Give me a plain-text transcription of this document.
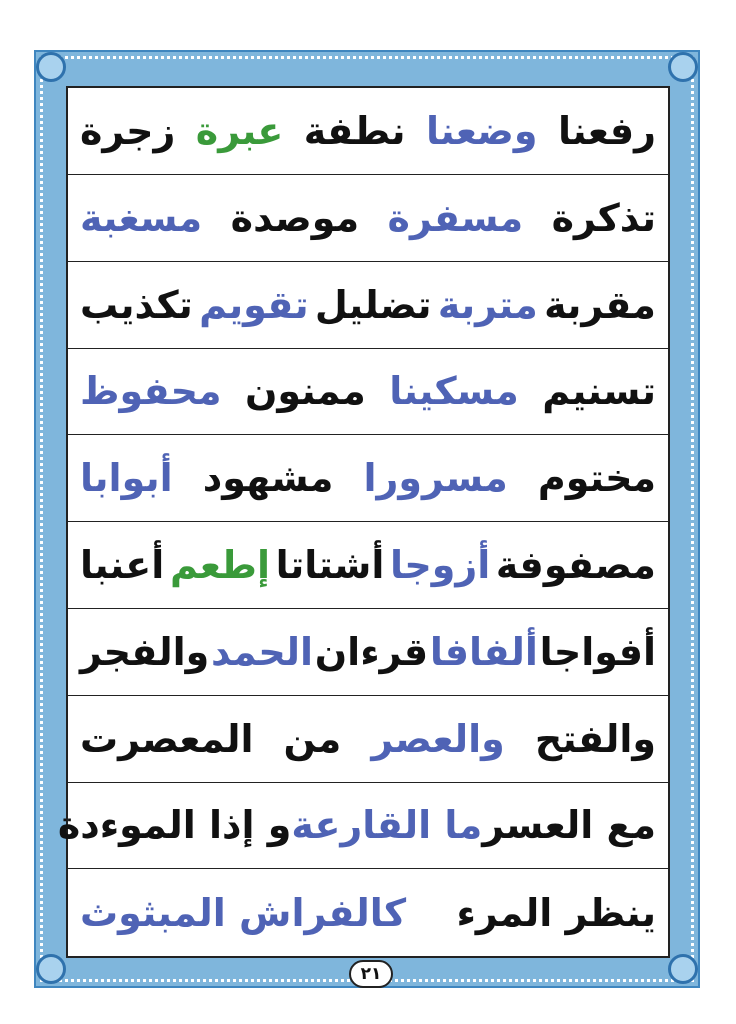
رفعنا
وضعنا
نطفة
عبرة
زجرة
تذكرة
مسفرة
موصدة
مسغبة
مقربة
متربة
تضليل
تقويم
تكذيب
تسنيم
مسكينا
ممنون
محفوظ
مختوم
مسرورا
مشهود
أبوابا
مصفوفة
أزوجا
أشتاتا
إطعم
أعنبا
أفواجا
ألفافا
قرءان
الحمد
والفجر
والفتح
والعصر
من
المعصرت
مع العسر
ما القارعة
و إذا الموءدة
ينظر المرء
كالفراش المبثوث
٢١
